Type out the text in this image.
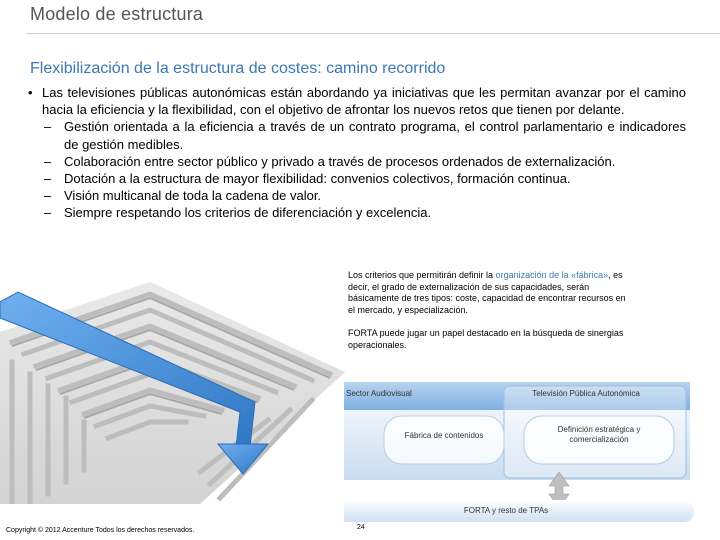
Modelo de estructura
Flexibilización de la estructura de costes: camino recorrido
• Las televisiones públicas autonómicas están abordando ya iniciativas que les permitan avanzar por el camino hacia la eficiencia y la flexibilidad, con el objetivo de afrontar los nuevos retos que tienen por delante.
– Gestión orientada a la eficiencia a través de un contrato programa, el control parlamentario e indicadores de gestión medibles.
– Colaboración entre sector público y privado a través de procesos ordenados de externalización.
– Dotación a la estructura de mayor flexibilidad: convenios colectivos, formación continua.
– Visión multicanal de toda la cadena de valor.
– Siempre respetando los criterios de diferenciación y excelencia.
Los criterios que permitirán definir la organización de la «fábrica», es decir, el grado de externalización de sus capacidades, serán básicamente de tres tipos: coste, capacidad de encontrar recursos en el mercado, y especialización.
FORTA puede jugar un papel destacado en la búsqueda de sinergias operacionales.
Sector Audiovisual	Televisión Pública Autonómica
Fábrica de contenidos
Definición estratégica y
comercialización
FORTA y resto de TPAs
Copyright © 2012 Accenture Todos los derechos reservados.	24
